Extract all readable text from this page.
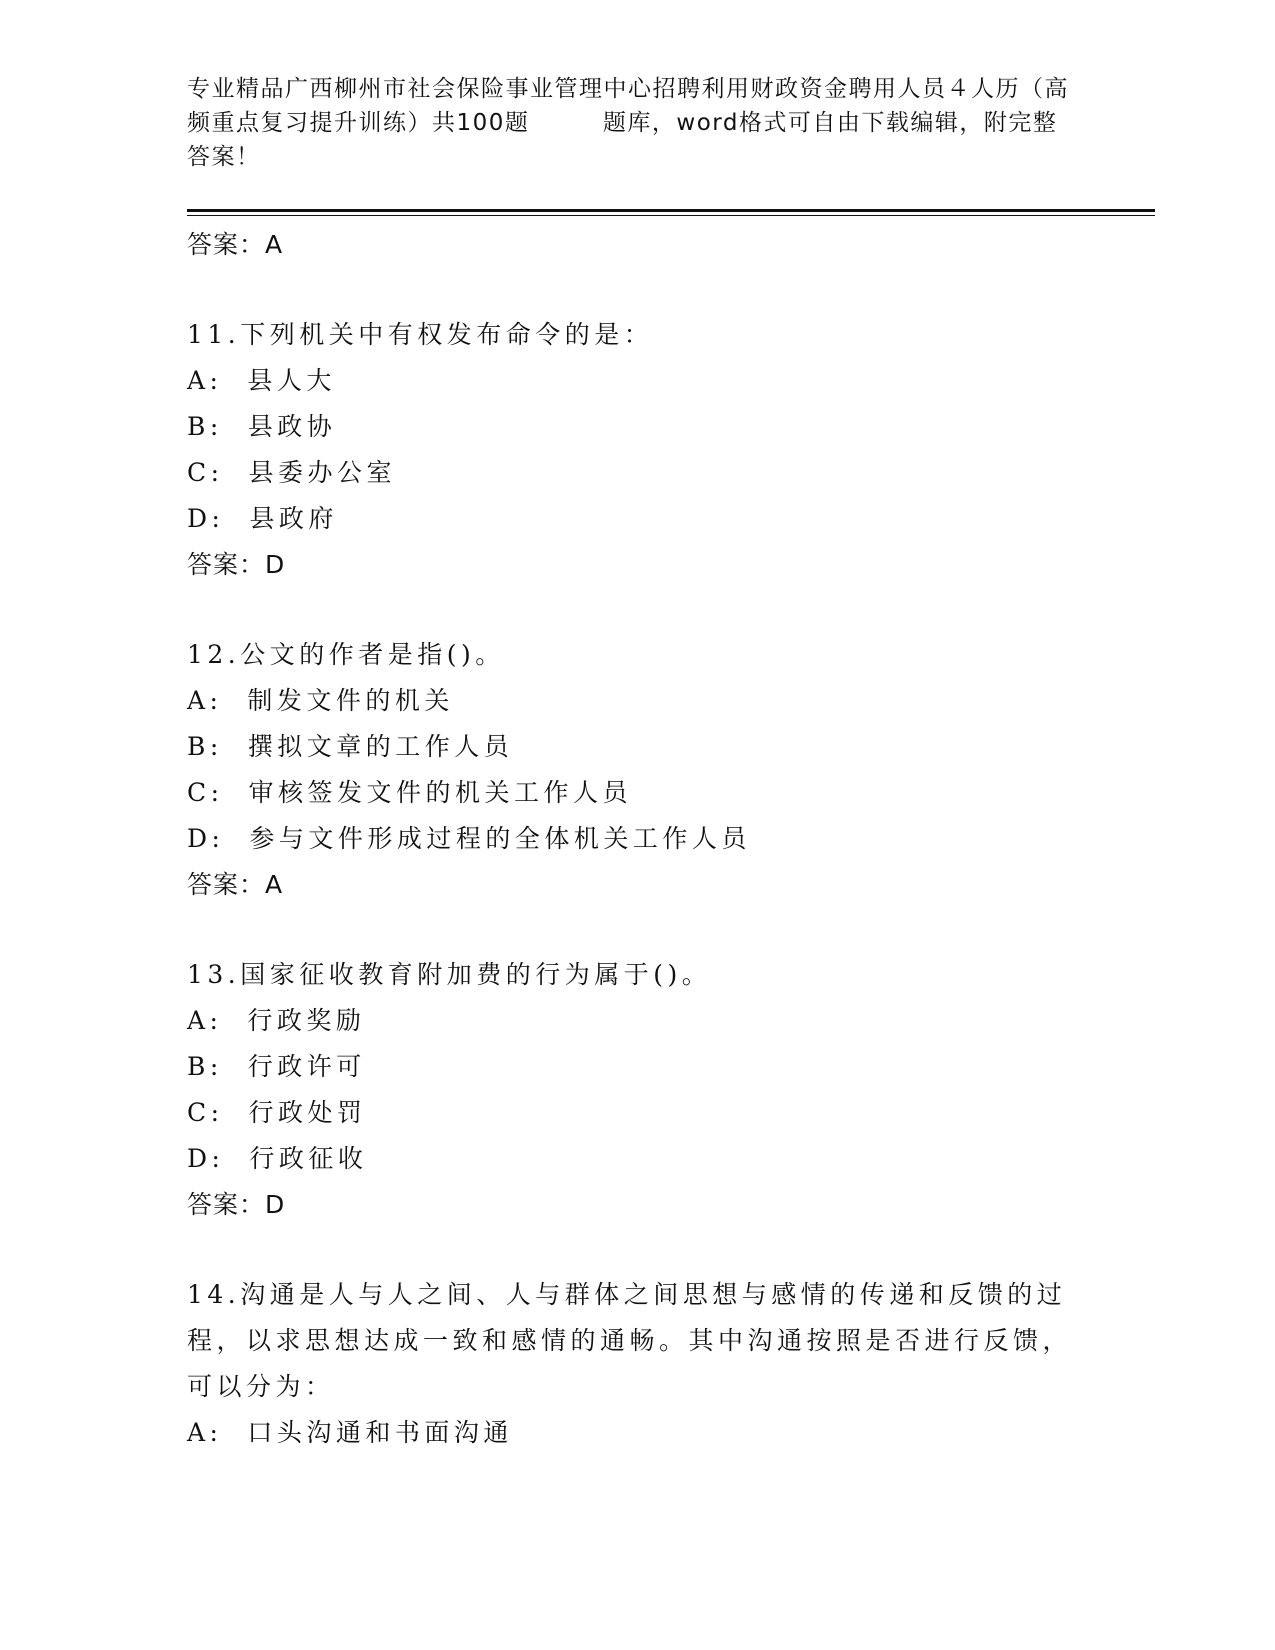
专业精品广西柳州市社会保险事业管理中心招聘利用财政资金聘用人员４人历（高
频重点复习提升训练）共100题　　　题库，word格式可自由下载编辑，附完整
答案！
答案：A
11.下列机关中有权发布命令的是：
A:  县人大
B:  县政协
C:  县委办公室
D:  县政府
答案：D
12.公文的作者是指()。
A:  制发文件的机关
B:  撰拟文章的工作人员
C:  审核签发文件的机关工作人员
D:  参与文件形成过程的全体机关工作人员
答案：A
13.国家征收教育附加费的行为属于()。
A:  行政奖励
B:  行政许可
C:  行政处罚
D:  行政征收
答案：D
14.沟通是人与人之间、人与群体之间思想与感情的传递和反馈的过程，以求思想达成一致和感情的通畅。其中沟通按照是否进行反馈，可以分为：
A:  口头沟通和书面沟通
